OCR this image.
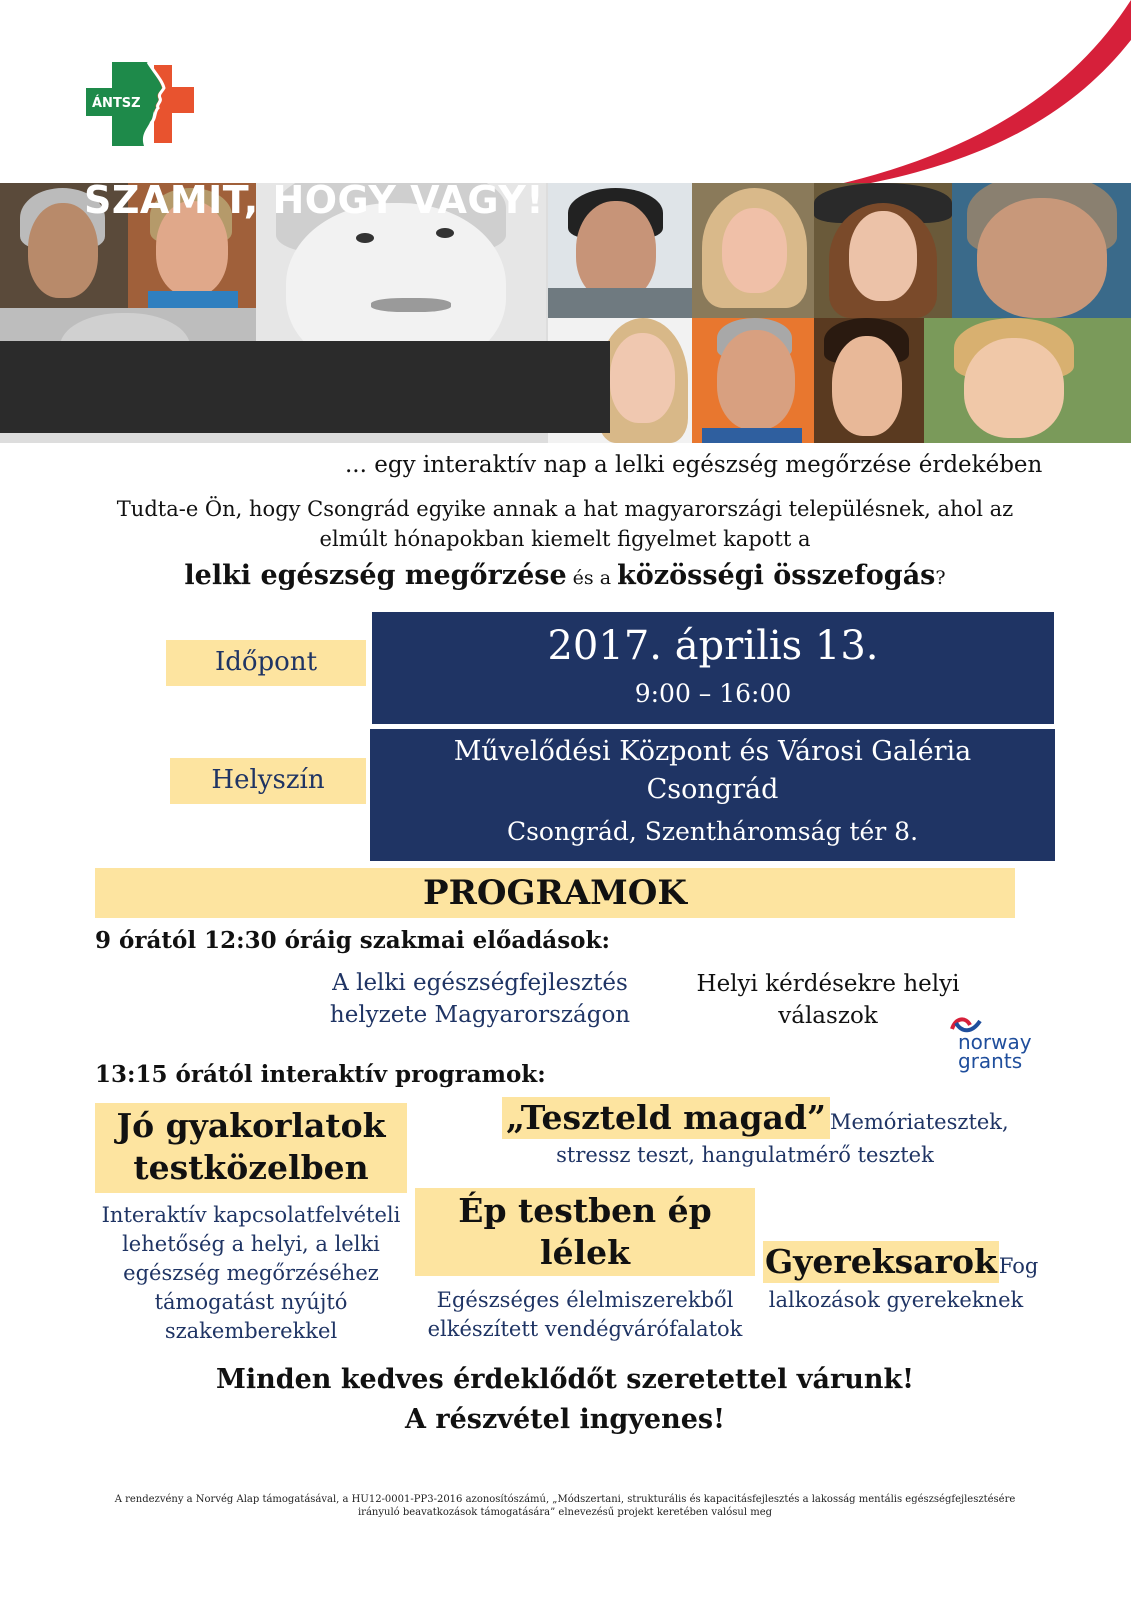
ÁNTSZ
SZÁMÍT, HOGY VAGY!
... egy interaktív nap a lelki egészség megőrzése érdekében
Tudta-e Ön, hogy Csongrád egyike annak a hat magyarországi településnek, ahol az
elmúlt hónapokban kiemelt figyelmet kapott a
lelki egészség megőrzése és a közösségi összefogás?
Időpont	2017. április 13.
9:00 – 16:00
Helyszín
Művelődési Központ és Városi Galéria
Csongrád
Csongrád, Szentháromság tér 8.
PROGRAMOK
9 órától 12:30 óráig szakmai előadások:
A lelki egészségfejlesztés
helyzete Magyarországon
Helyi kérdésekre helyi
válaszok
norway
grants
13:15 órától interaktív programok:
Jó gyakorlatok
testközelben
Interaktív kapcsolatfelvételi
lehetőség a helyi, a lelki
egészség megőrzéséhez
támogatást nyújtó
szakemberekkel
„Teszteld magad” Memóriatesztek,
stressz teszt, hangulatmérő tesztek
Ép testben ép
lélek
Egészséges élelmiszerekből
elkészített vendégvárófalatok
GyereksarokFog
lalkozások gyerekeknek
Minden kedves érdeklődőt szeretettel várunk!
A részvétel ingyenes!
A rendezvény a Norvég Alap támogatásával, a HU12-0001-PP3-2016 azonosítószámú, „Módszertani, strukturális és kapacitásfejlesztés a lakosság mentális egészségfejlesztésére
irányuló beavatkozások támogatására” elnevezésű projekt keretében valósul meg
